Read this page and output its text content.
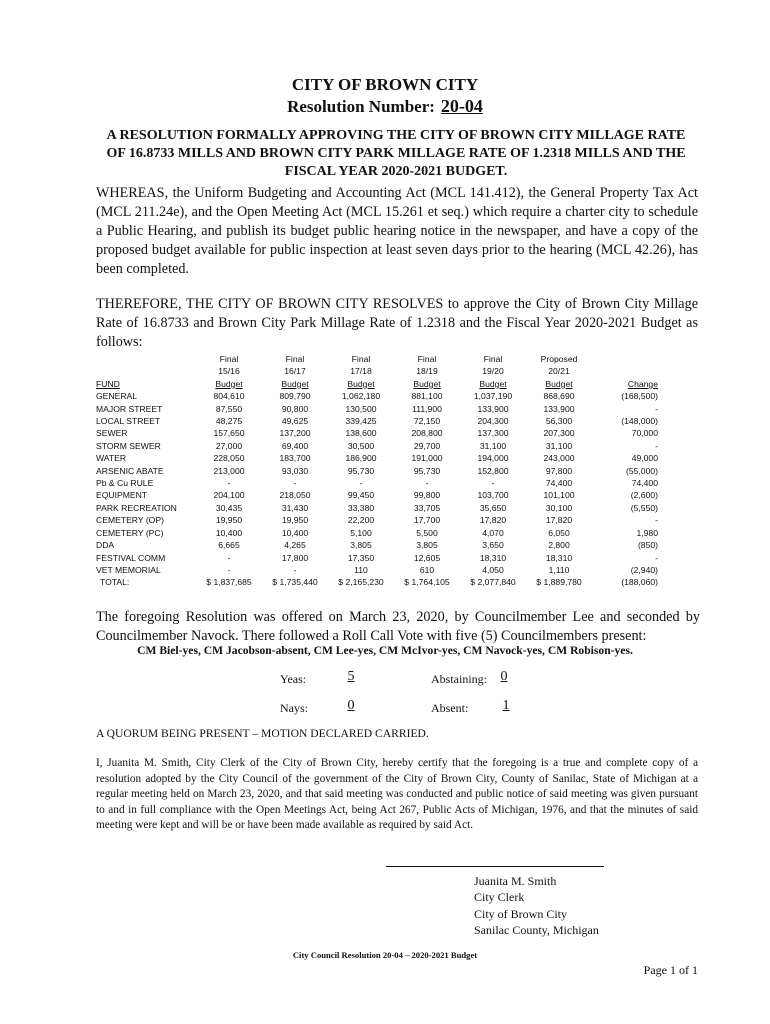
CITY OF BROWN CITY
Resolution Number: 20-04
A RESOLUTION FORMALLY APPROVING THE CITY OF BROWN CITY MILLAGE RATE OF 16.8733 MILLS AND BROWN CITY PARK MILLAGE RATE OF 1.2318 MILLS AND THE FISCAL YEAR 2020-2021 BUDGET.
WHEREAS, the Uniform Budgeting and Accounting Act (MCL 141.412), the General Property Tax Act (MCL 211.24e), and the Open Meeting Act (MCL 15.261 et seq.) which require a charter city to schedule a Public Hearing, and publish its budget public hearing notice in the newspaper, and have a copy of the proposed budget available for public inspection at least seven days prior to the hearing (MCL 42.26), has been completed.
THEREFORE, THE CITY OF BROWN CITY RESOLVES to approve the City of Brown City Millage Rate of 16.8733 and Brown City Park Millage Rate of 1.2318 and the Fiscal Year 2020-2021 Budget as follows:
	Final	Final	Final	Final	Final	Proposed	
	15/16	16/17	17/18	18/19	19/20	20/21	
FUND	Budget	Budget	Budget	Budget	Budget	Budget	Change
GENERAL	804,610	809,790	1,062,180	881,100	1,037,190	868,690	(168,500)
MAJOR STREET	87,550	90,800	130,500	111,900	133,900	133,900	-
LOCAL STREET	48,275	49,625	339,425	72,150	204,300	56,300	(148,000)
SEWER	157,650	137,200	138,600	208,800	137,300	207,300	70,000
STORM SEWER	27,000	69,400	30,500	29,700	31,100	31,100	-
WATER	228,050	183,700	186,900	191,000	194,000	243,000	49,000
ARSENIC ABATE	213,000	93,030	95,730	95,730	152,800	97,800	(55,000)
Pb & Cu RULE	-	-	-	-	-	74,400	74,400
EQUIPMENT	204,100	218,050	99,450	99,800	103,700	101,100	(2,600)
PARK RECREATION	30,435	31,430	33,380	33,705	35,650	30,100	(5,550)
CEMETERY (OP)	19,950	19,950	22,200	17,700	17,820	17,820	-
CEMETERY (PC)	10,400	10,400	5,100	5,500	4,070	6,050	1,980
DDA	6,665	4,265	3,805	3,805	3,650	2,800	(850)
FESTIVAL COMM	-	17,800	17,350	12,605	18,310	18,310	-
VET MEMORIAL	-	-	110	610	4,050	1,110	(2,940)
TOTAL:	$ 1,837,685	$ 1,735,440	$ 2,165,230	$ 1,764,105	$ 2,077,840	$ 1,889,780	(188,060)
The foregoing Resolution was offered on March 23, 2020, by Councilmember Lee and seconded by Councilmember Navock. There followed a Roll Call Vote with five (5) Councilmembers present:
CM Biel-yes, CM Jacobson-absent, CM Lee-yes, CM McIvor-yes, CM Navock-yes, CM Robison-yes.
Yeas:	5	Abstaining: 0
Nays:	0	Absent:	1
A QUORUM BEING PRESENT – MOTION DECLARED CARRIED.
I, Juanita M. Smith, City Clerk of the City of Brown City, hereby certify that the foregoing is a true and complete copy of a resolution adopted by the City Council of the government of the City of Brown City, County of Sanilac, State of Michigan at a regular meeting held on March 23, 2020, and that said meeting was conducted and public notice of said meeting was given pursuant to and in full compliance with the Open Meetings Act, being Act 267, Public Acts of Michigan, 1976, and that the minutes of said meeting were kept and will be or have been made available as required by said Act.
Juanita M. Smith
City Clerk
City of Brown City
Sanilac County, Michigan
City Council Resolution 20-04 – 2020-2021 Budget
Page 1 of 1
